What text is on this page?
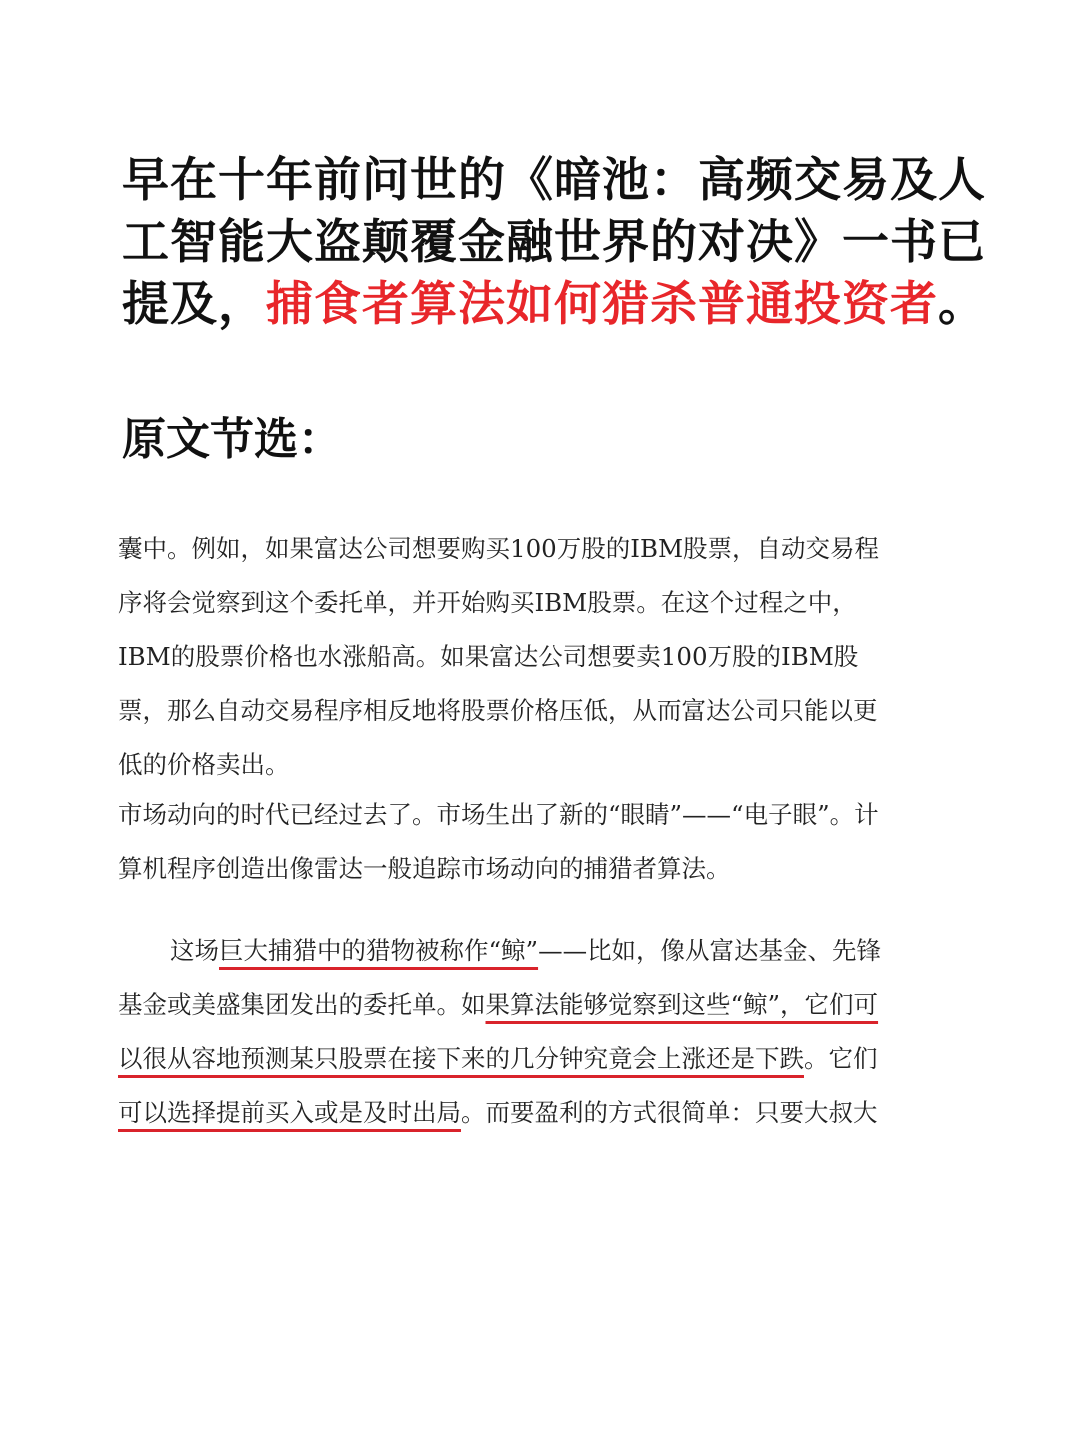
早在十年前问世的《暗池：高频交易及人
工智能大盗颠覆金融世界的对决》一书已
提及，捕食者算法如何猎杀普通投资者。
原文节选：
囊中。例如，如果富达公司想要购买100万股的IBM股票，自动交易程
序将会觉察到这个委托单，并开始购买IBM股票。在这个过程之中，
IBM的股票价格也水涨船高。如果富达公司想要卖100万股的IBM股
票，那么自动交易程序相反地将股票价格压低，从而富达公司只能以更
低的价格卖出。
市场动向的时代已经过去了。市场生出了新的“眼睛”——“电子眼”。计
算机程序创造出像雷达一般追踪市场动向的捕猎者算法。
这场巨大捕猎中的猎物被称作“鲸”——比如，像从富达基金、先锋
基金或美盛集团发出的委托单。如果算法能够觉察到这些“鲸”，它们可
以很从容地预测某只股票在接下来的几分钟究竟会上涨还是下跌。它们
可以选择提前买入或是及时出局。而要盈利的方式很简单：只要大叔大
